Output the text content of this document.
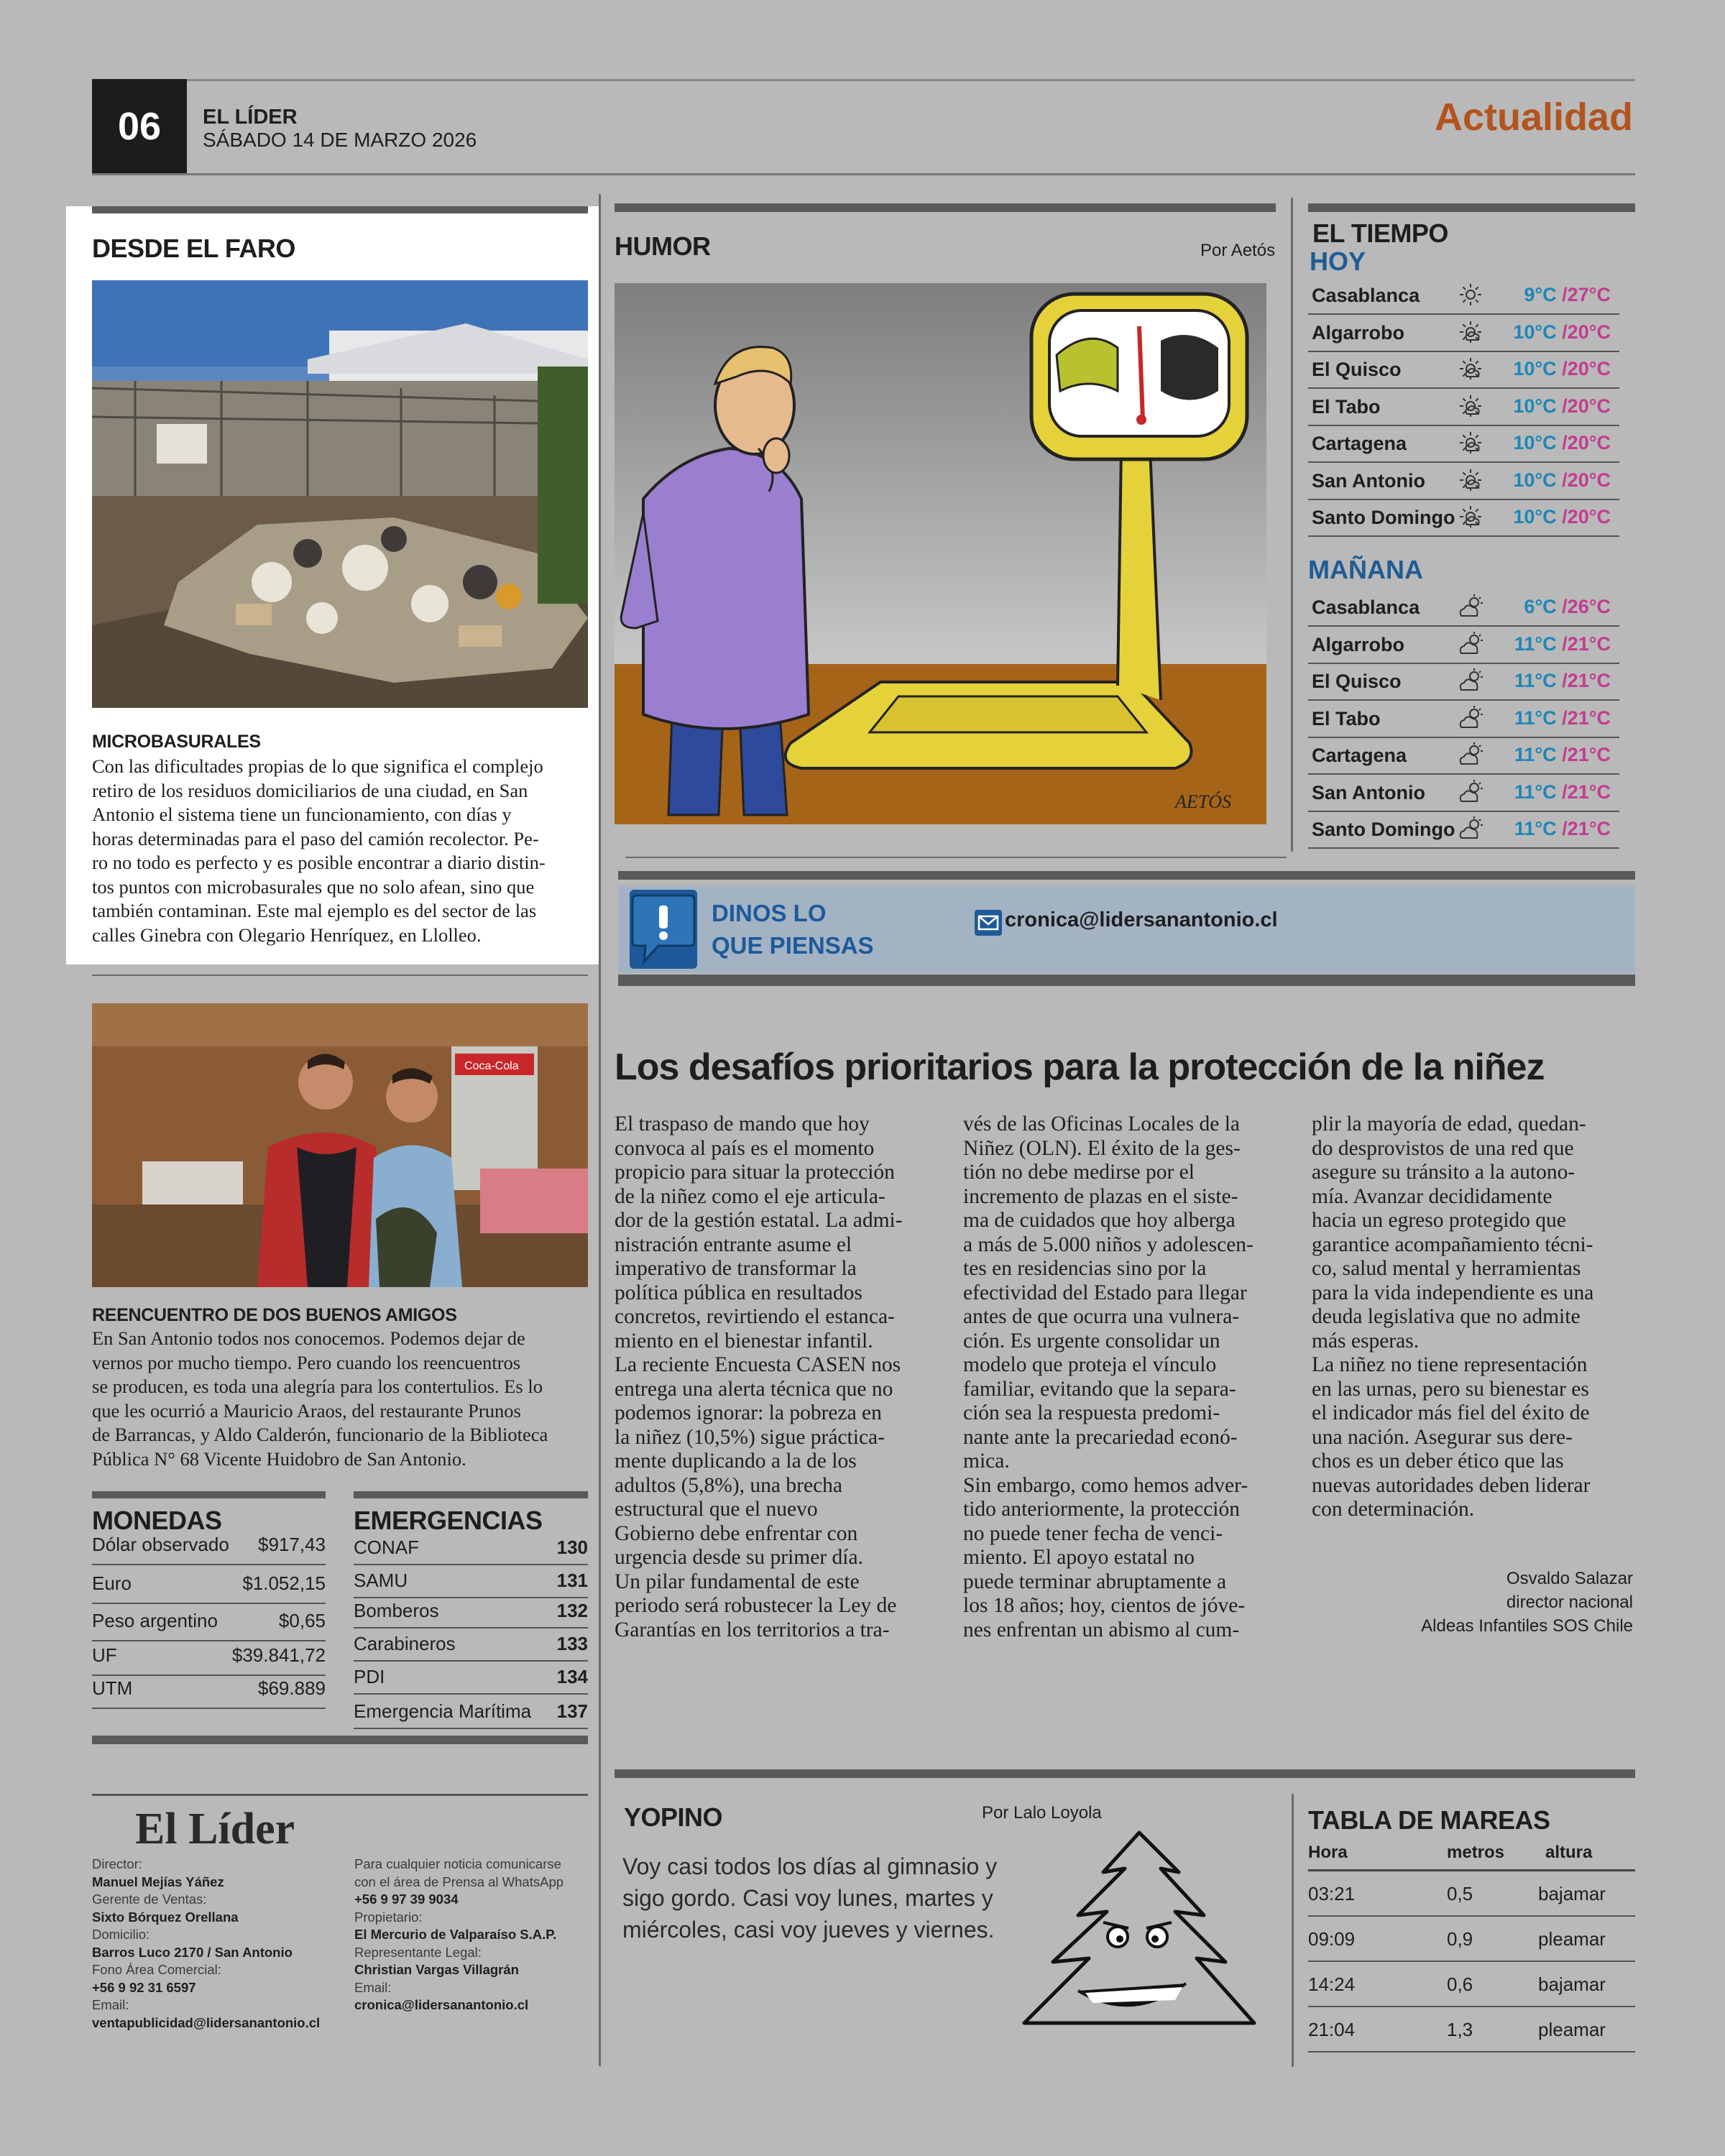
06	EL LÍDER
SÁBADO 14 DE MARZO 2026
Actualidad
DESDE EL FARO
MICROBASURALES
Con las dificultades propias de lo que significa el complejo
retiro de los residuos domiciliarios de una ciudad, en San
Antonio el sistema tiene un funcionamiento, con días y
horas determinadas para el paso del camión recolector. Pe-
ro no todo es perfecto y es posible encontrar a diario distin-
tos puntos con microbasurales que no solo afean, sino que
también contaminan. Este mal ejemplo es del sector de las
calles Ginebra con Olegario Henríquez, en Llolleo.
Coca-Cola
REENCUENTRO DE DOS BUENOS AMIGOS
En San Antonio todos nos conocemos. Podemos dejar de
vernos por mucho tiempo. Pero cuando los reencuentros
se producen, es toda una alegría para los contertulios. Es lo
que les ocurrió a Mauricio Araos, del restaurante Prunos
de Barrancas, y Aldo Calderón, funcionario de la Biblioteca
Pública N° 68 Vicente Huidobro de San Antonio.
MONEDAS
Dólar observado $917,43
Euro	$1.052,15
Peso argentino	$0,65
UF	$39.841,72
UTM	$69.889
EMERGENCIAS
CONAF	130
SAMU	131
Bomberos	132
Carabineros	133
PDI	134
Emergencia Marítima 137
El Líder
Director:
Manuel Mejías Yáñez
Gerente de Ventas:
Sixto Bórquez Orellana
Domicilio:
Barros Luco 2170 / San Antonio
Fono Área Comercial:
+56 9 92 31 6597
Email:
ventapublicidad@lidersanantonio.cl
Para cualquier noticia comunicarse
con el área de Prensa al WhatsApp
+56 9 97 39 9034
Propietario:
El Mercurio de Valparaíso S.A.P.
Representante Legal:
Christian Vargas Villagrán
Email:
cronica@lidersanantonio.cl
HUMOR	Por Aetós
AETÓS
EL TIEMPO
HOY
Casablanca	9°C /27°C
Algarrobo	10°C /20°C
El Quisco	10°C /20°C
El Tabo	10°C /20°C
Cartagena	10°C /20°C
San Antonio	10°C /20°C
Santo Domingo	10°C /20°C
MAÑANA
Casablanca	6°C /26°C
Algarrobo	11°C /21°C
El Quisco	11°C /21°C
El Tabo	11°C /21°C
Cartagena	11°C /21°C
San Antonio	11°C /21°C
Santo Domingo	11°C /21°C
DINOS LO
QUE PIENSAS
cronica@lidersanantonio.cl
Los desafíos prioritarios para la protección de la niñez
El traspaso de mando que hoy
convoca al país es el momento
propicio para situar la protección
de la niñez como el eje articula-
dor de la gestión estatal. La admi-
nistración entrante asume el
imperativo de transformar la
política pública en resultados
concretos, revirtiendo el estanca-
miento en el bienestar infantil.
La reciente Encuesta CASEN nos
entrega una alerta técnica que no
podemos ignorar: la pobreza en
la niñez (10,5%) sigue práctica-
mente duplicando a la de los
adultos (5,8%), una brecha
estructural que el nuevo
Gobierno debe enfrentar con
urgencia desde su primer día.
Un pilar fundamental de este
periodo será robustecer la Ley de
Garantías en los territorios a tra-
vés de las Oficinas Locales de la
Niñez (OLN). El éxito de la ges-
tión no debe medirse por el
incremento de plazas en el siste-
ma de cuidados que hoy alberga
a más de 5.000 niños y adolescen-
tes en residencias sino por la
efectividad del Estado para llegar
antes de que ocurra una vulnera-
ción. Es urgente consolidar un
modelo que proteja el vínculo
familiar, evitando que la separa-
ción sea la respuesta predomi-
nante ante la precariedad econó-
mica.
Sin embargo, como hemos adver-
tido anteriormente, la protección
no puede tener fecha de venci-
miento. El apoyo estatal no
puede terminar abruptamente a
los 18 años; hoy, cientos de jóve-
nes enfrentan un abismo al cum-
plir la mayoría de edad, quedan-
do desprovistos de una red que
asegure su tránsito a la autono-
mía. Avanzar decididamente
hacia un egreso protegido que
garantice acompañamiento técni-
co, salud mental y herramientas
para la vida independiente es una
deuda legislativa que no admite
más esperas.
La niñez no tiene representación
en las urnas, pero su bienestar es
el indicador más fiel del éxito de
una nación. Asegurar sus dere-
chos es un deber ético que las
nuevas autoridades deben liderar
con determinación.
Osvaldo Salazar
director nacional
Aldeas Infantiles SOS Chile
YOPINO	Por Lalo Loyola
Voy casi todos los días al gimnasio y
sigo gordo. Casi voy lunes, martes y
miércoles, casi voy jueves y viernes.
TABLA DE MAREAS
Hora	metros altura
03:21	0,5	bajamar
09:09	0,9	pleamar
14:24	0,6	bajamar
21:04	1,3	pleamar
